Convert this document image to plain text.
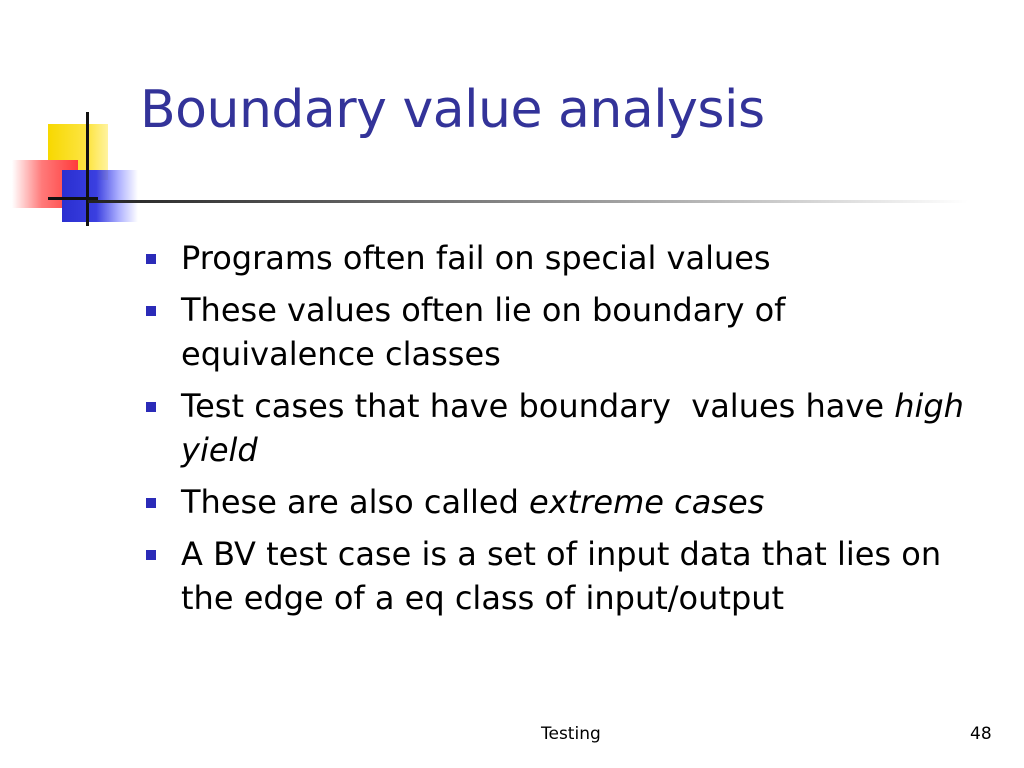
Boundary value analysis
Programs often fail on special values
These values often lie on boundary of equivalence classes
Test cases that have boundary  values have high yield
These are also called extreme cases
A BV test case is a set of input data that lies on the edge of a eq class of input/output
Testing	48
